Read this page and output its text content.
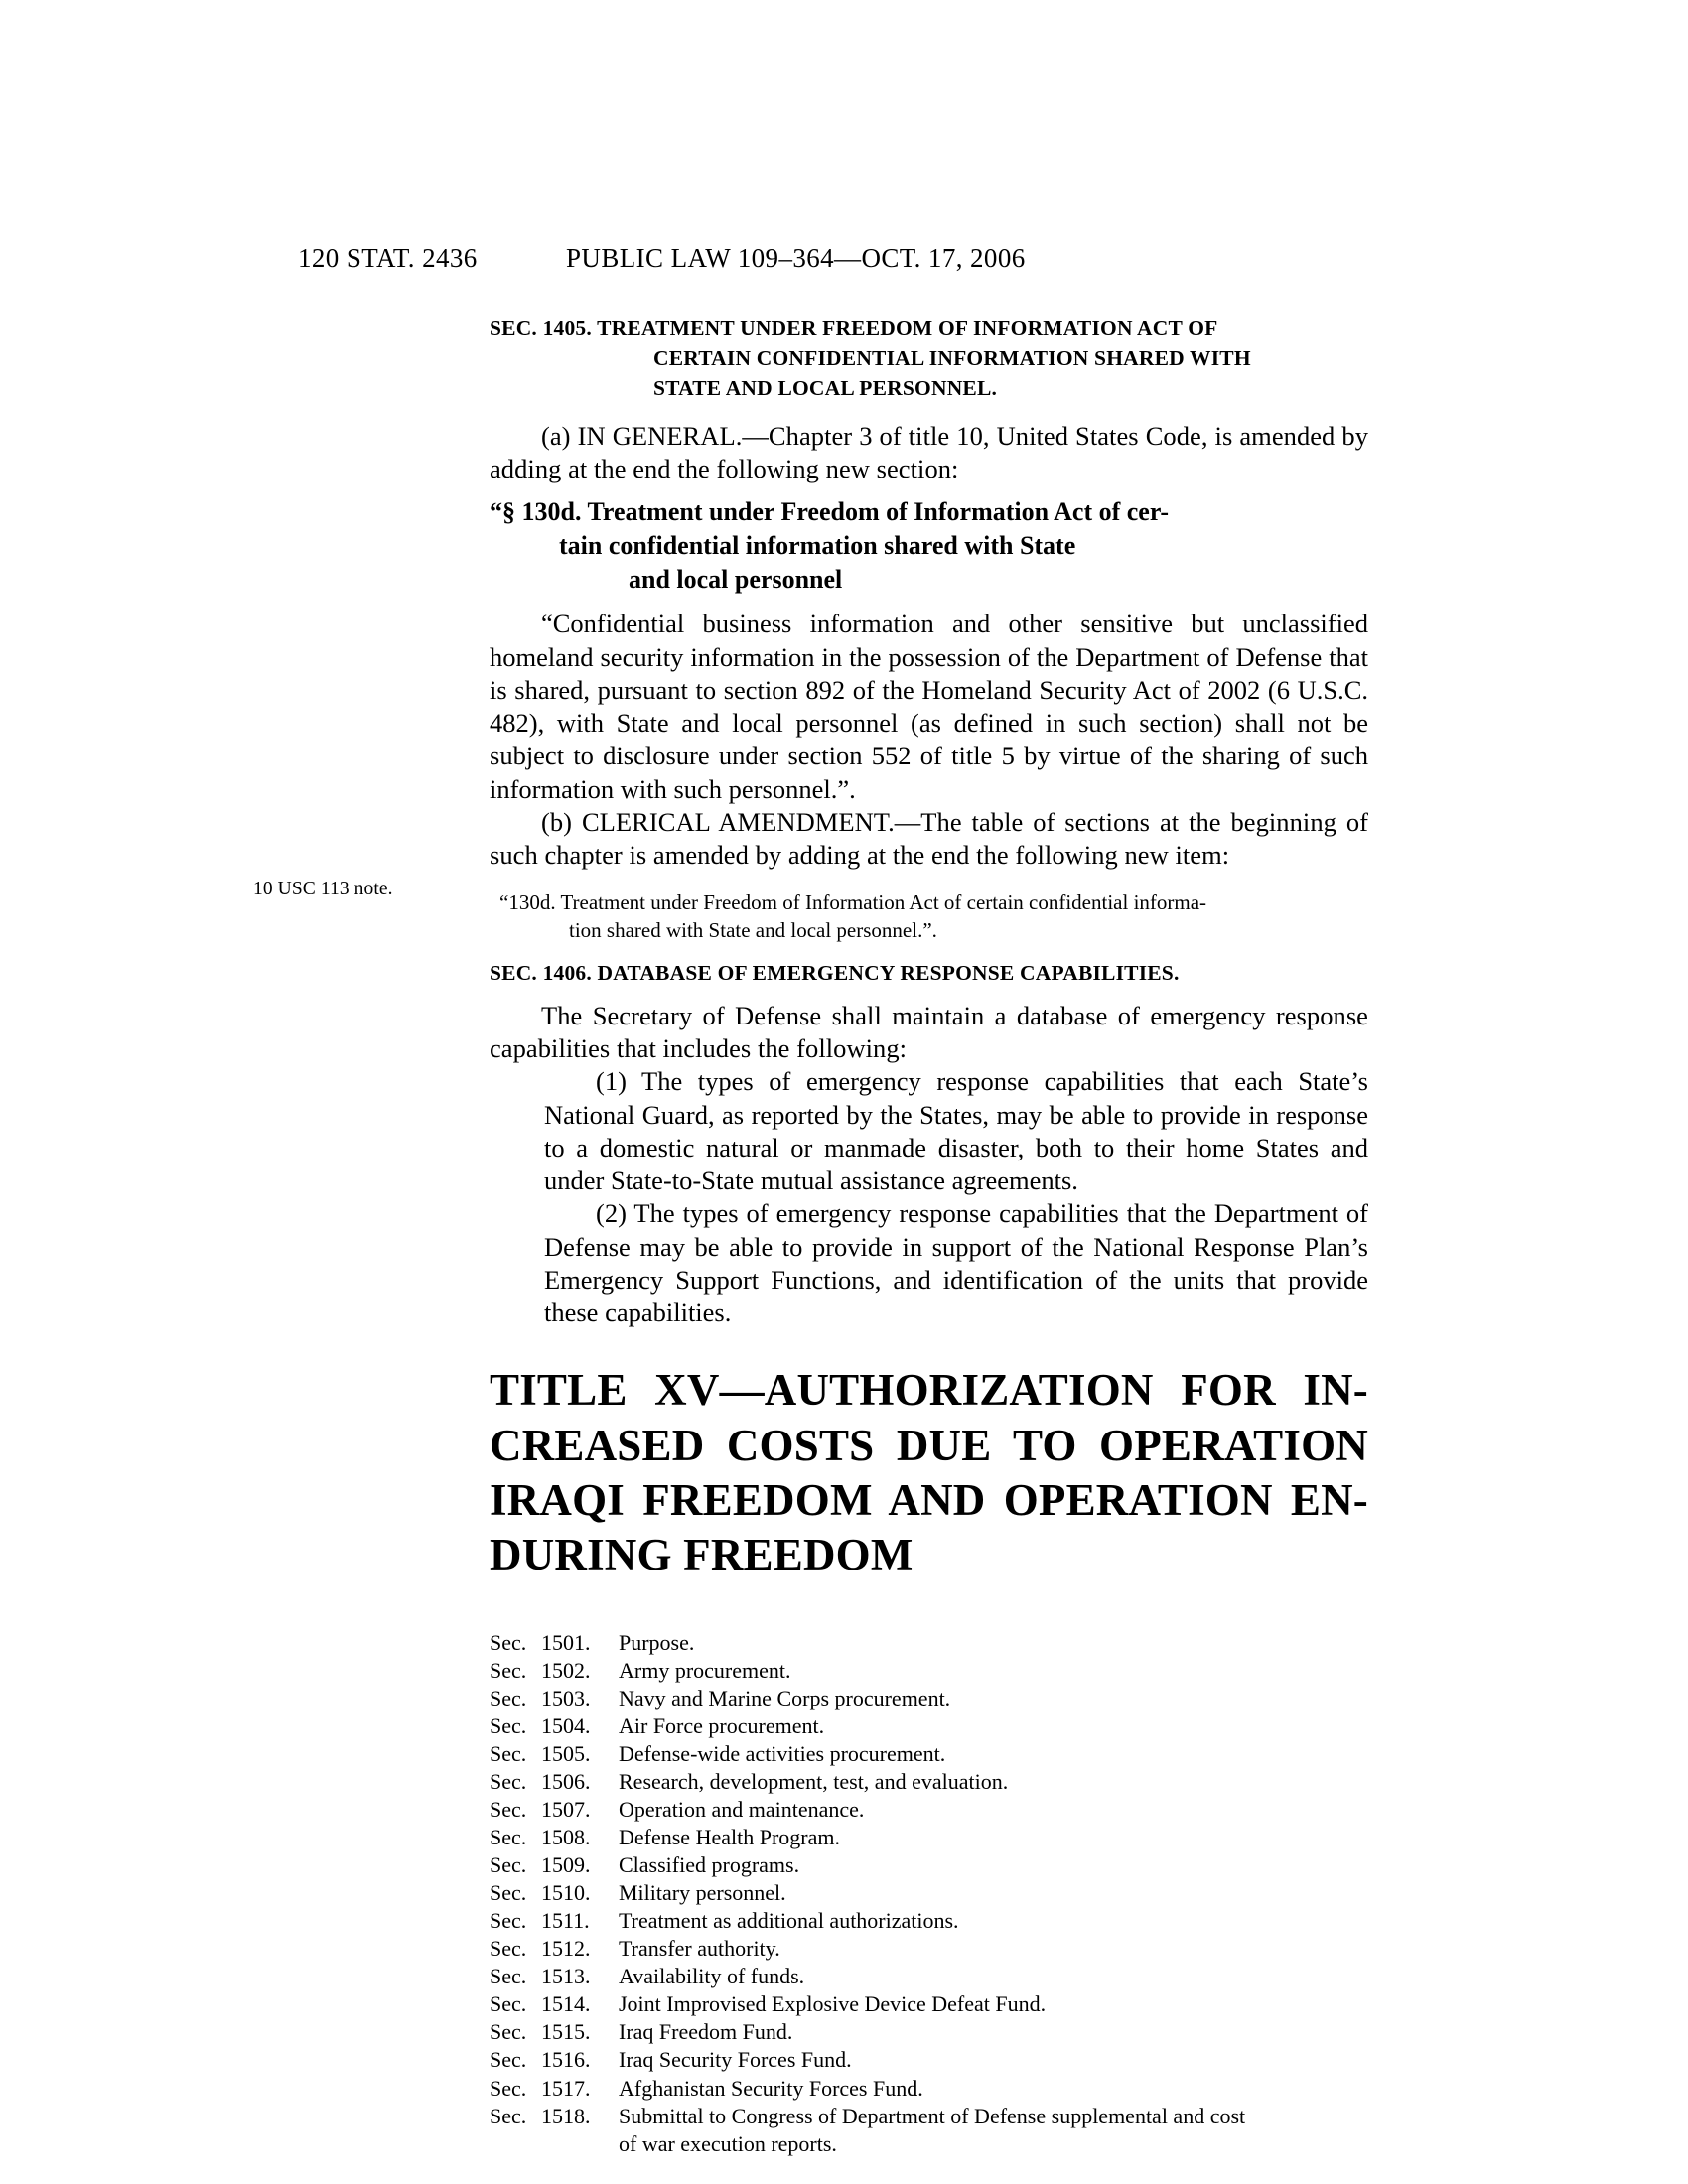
120 STAT. 2436	PUBLIC LAW 109–364—OCT. 17, 2006
SEC. 1405. TREATMENT UNDER FREEDOM OF INFORMATION ACT OF
CERTAIN CONFIDENTIAL INFORMATION SHARED WITH
STATE AND LOCAL PERSONNEL.

(a) IN GENERAL.—Chapter 3 of title 10, United States Code, is amended by adding at the end the following new section:

“§ 130d. Treatment under Freedom of Information Act of cer-
tain confidential information shared with State
and local personnel

“Confidential business information and other sensitive but unclassified homeland security information in the possession of the Department of Defense that is shared, pursuant to section 892 of the Homeland Security Act of 2002 (6 U.S.C. 482), with State and local personnel (as defined in such section) shall not be subject to disclosure under section 552 of title 5 by virtue of the sharing of such information with such personnel.”.

(b) CLERICAL AMENDMENT.—The table of sections at the beginning of such chapter is amended by adding at the end the following new item:

“130d. Treatment under Freedom of Information Act of certain confidential informa-
tion shared with State and local personnel.”.
SEC. 1406. DATABASE OF EMERGENCY RESPONSE CAPABILITIES.

The Secretary of Defense shall maintain a database of emergency response capabilities that includes the following:

(1) The types of emergency response capabilities that each State’s National Guard, as reported by the States, may be able to provide in response to a domestic natural or manmade disaster, both to their home States and under State-to-State mutual assistance agreements.

(2) The types of emergency response capabilities that the Department of Defense may be able to provide in support of the National Response Plan’s Emergency Support Functions, and identification of the units that provide these capabilities.

TITLE XV—AUTHORIZATION FOR IN-
CREASED COSTS DUE TO OPERATION
IRAQI FREEDOM AND OPERATION EN-
DURING FREEDOM
Sec. 1501. Purpose.
Sec. 1502. Army procurement.
Sec. 1503. Navy and Marine Corps procurement.
Sec. 1504. Air Force procurement.
Sec. 1505. Defense-wide activities procurement.
Sec. 1506. Research, development, test, and evaluation.
Sec. 1507. Operation and maintenance.
Sec. 1508. Defense Health Program.
Sec. 1509. Classified programs.
Sec. 1510. Military personnel.
Sec. 1511. Treatment as additional authorizations.
Sec. 1512. Transfer authority.
Sec. 1513. Availability of funds.
Sec. 1514. Joint Improvised Explosive Device Defeat Fund.
Sec. 1515. Iraq Freedom Fund.
Sec. 1516. Iraq Security Forces Fund.
Sec. 1517. Afghanistan Security Forces Fund.
Sec. 1518. Submittal to Congress of Department of Defense supplemental and cost
of war execution reports.
10 USC 113 note.
